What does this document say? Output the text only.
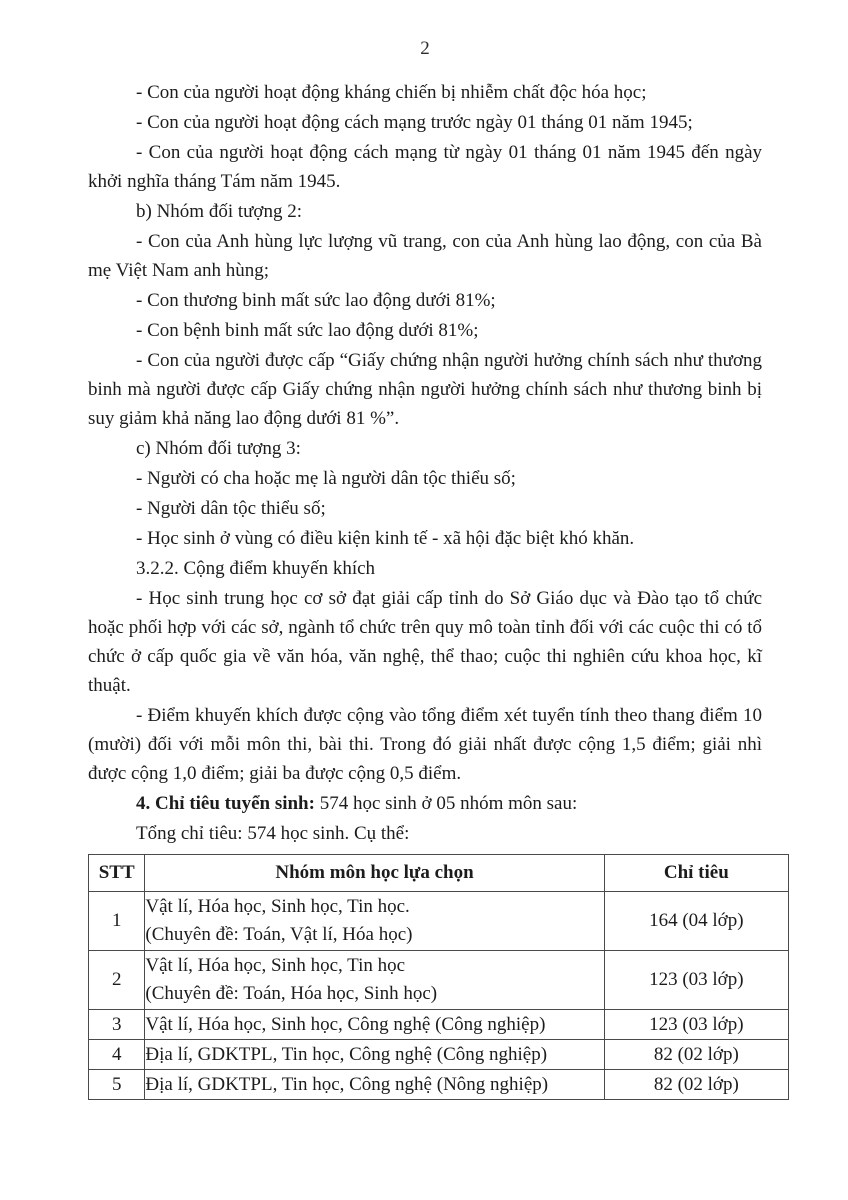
2

- Con của người hoạt động kháng chiến bị nhiễm chất độc hóa học;

- Con của người hoạt động cách mạng trước ngày 01 tháng 01 năm 1945;

- Con của người hoạt động cách mạng từ ngày 01 tháng 01 năm 1945 đến ngày khởi nghĩa tháng Tám năm 1945.

b) Nhóm đối tượng 2:

- Con của Anh hùng lực lượng vũ trang, con của Anh hùng lao động, con của Bà mẹ Việt Nam anh hùng;

- Con thương binh mất sức lao động dưới 81%;

- Con bệnh binh mất sức lao động dưới 81%;

- Con của người được cấp “Giấy chứng nhận người hưởng chính sách như thương binh mà người được cấp Giấy chứng nhận người hưởng chính sách như thương binh bị suy giảm khả năng lao động dưới 81 %”.

c) Nhóm đối tượng 3:

- Người có cha hoặc mẹ là người dân tộc thiểu số;

- Người dân tộc thiểu số;

- Học sinh ở vùng có điều kiện kinh tế - xã hội đặc biệt khó khăn.

3.2.2. Cộng điểm khuyến khích

- Học sinh trung học cơ sở đạt giải cấp tỉnh do Sở Giáo dục và Đào tạo tổ chức hoặc phối hợp với các sở, ngành tổ chức trên quy mô toàn tỉnh đối với các cuộc thi có tổ chức ở cấp quốc gia về văn hóa, văn nghệ, thể thao; cuộc thi nghiên cứu khoa học, kĩ thuật.

- Điểm khuyến khích được cộng vào tổng điểm xét tuyển tính theo thang điểm 10 (mười) đối với mỗi môn thi, bài thi. Trong đó giải nhất được cộng 1,5 điểm; giải nhì được cộng 1,0 điểm; giải ba được cộng 0,5 điểm.

4. Chỉ tiêu tuyển sinh: 574 học sinh ở 05 nhóm môn sau:

Tổng chỉ tiêu: 574 học sinh. Cụ thể:

STT	Nhóm môn học lựa chọn	Chỉ tiêu
1	Vật lí, Hóa học, Sinh học, Tin học.
(Chuyên đề: Toán, Vật lí, Hóa học)	164 (04 lớp)
2	Vật lí, Hóa học, Sinh học, Tin học
(Chuyên đề: Toán, Hóa học, Sinh học)	123 (03 lớp)
3	Vật lí, Hóa học, Sinh học, Công nghệ (Công nghiệp)	123 (03 lớp)
4	Địa lí, GDKTPL, Tin học, Công nghệ (Công nghiệp)	82 (02 lớp)
5	Địa lí, GDKTPL, Tin học, Công nghệ (Nông nghiệp)	82 (02 lớp)
